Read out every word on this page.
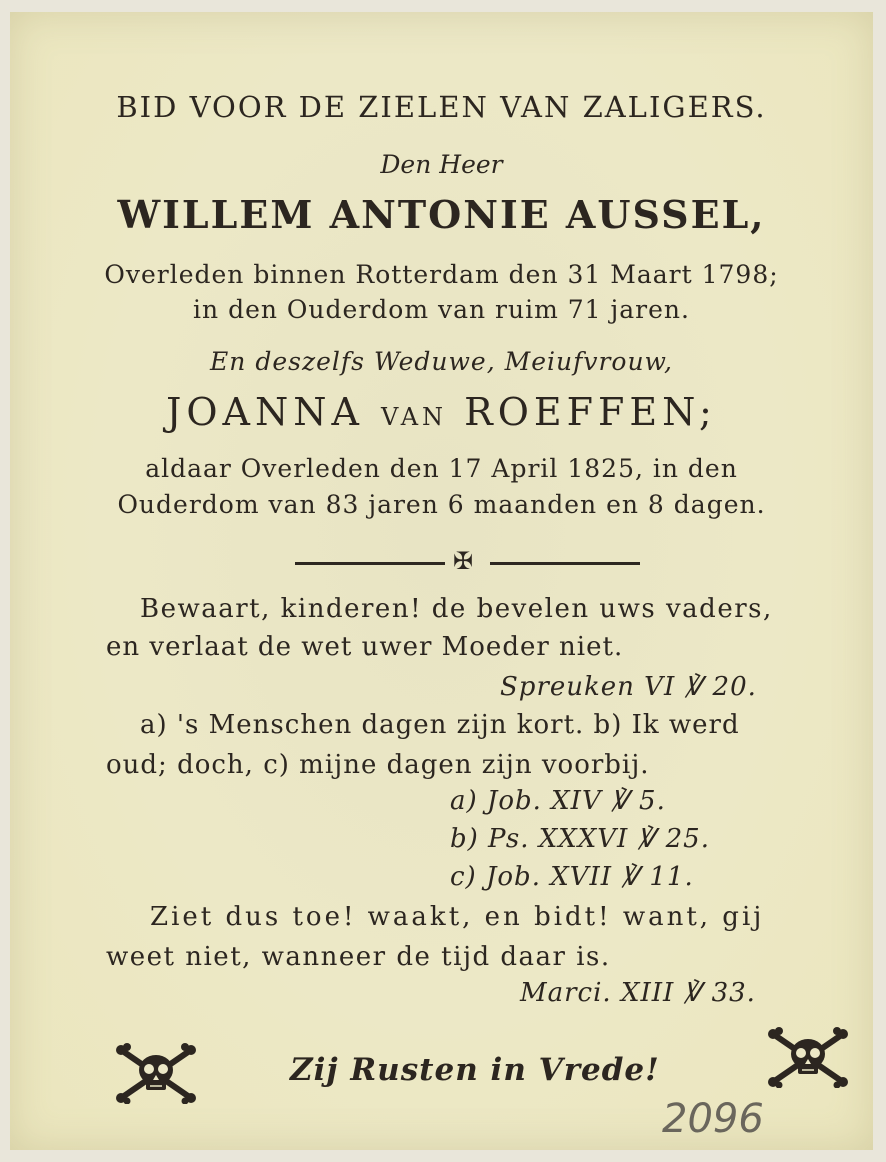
BID VOOR DE ZIELEN VAN ZALIGERS.
Den Heer
WILLEM ANTONIE AUSSEL,
Overleden binnen Rotterdam den 31 Maart 1798;
in den Ouderdom van ruim 71 jaren.
En deszelfs Weduwe, Meiufvrouw,
JOANNA VAN ROEFFEN;
aldaar Overleden den 17 April 1825, in den
Ouderdom van 83 jaren 6 maanden en 8 dagen.
✠
Bewaart, kinderen! de bevelen uws vaders,
en verlaat de wet uwer Moeder niet.
Spreuken VI ℣ 20.
a) 's Menschen dagen zijn kort. b) Ik werd
oud; doch, c) mijne dagen zijn voorbij.
a) Job. XIV ℣ 5.
b) Ps. XXXVI ℣ 25.
c) Job. XVII ℣ 11.
Ziet dus toe! waakt, en bidt! want, gij
weet niet, wanneer de tijd daar is.
Marci. XIII ℣ 33.
Zij Rusten in Vrede!
2096
